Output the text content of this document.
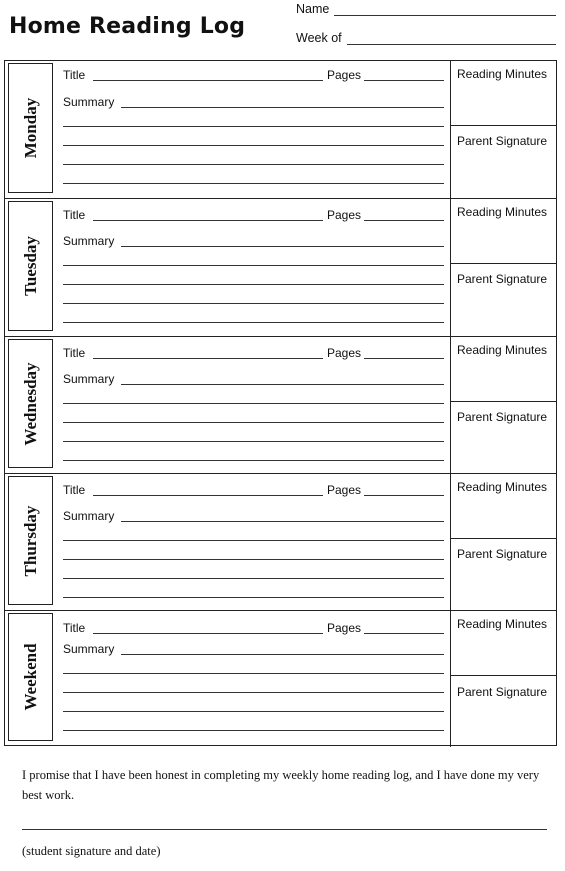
Home Reading Log
Name
Week of
Monday
Title	Pages
Summary
Reading Minutes
Parent Signature
Tuesday
Title	Pages
Summary
Reading Minutes
Parent Signature
Wednesday
Title	Pages
Summary
Reading Minutes
Parent Signature
Thursday
Title	Pages
Summary
Reading Minutes
Parent Signature
Weekend
Title	Pages
Summary
Reading Minutes
Parent Signature
I promise that I have been honest in completing my weekly home reading log, and I have done my very best work.
(student signature and date)
